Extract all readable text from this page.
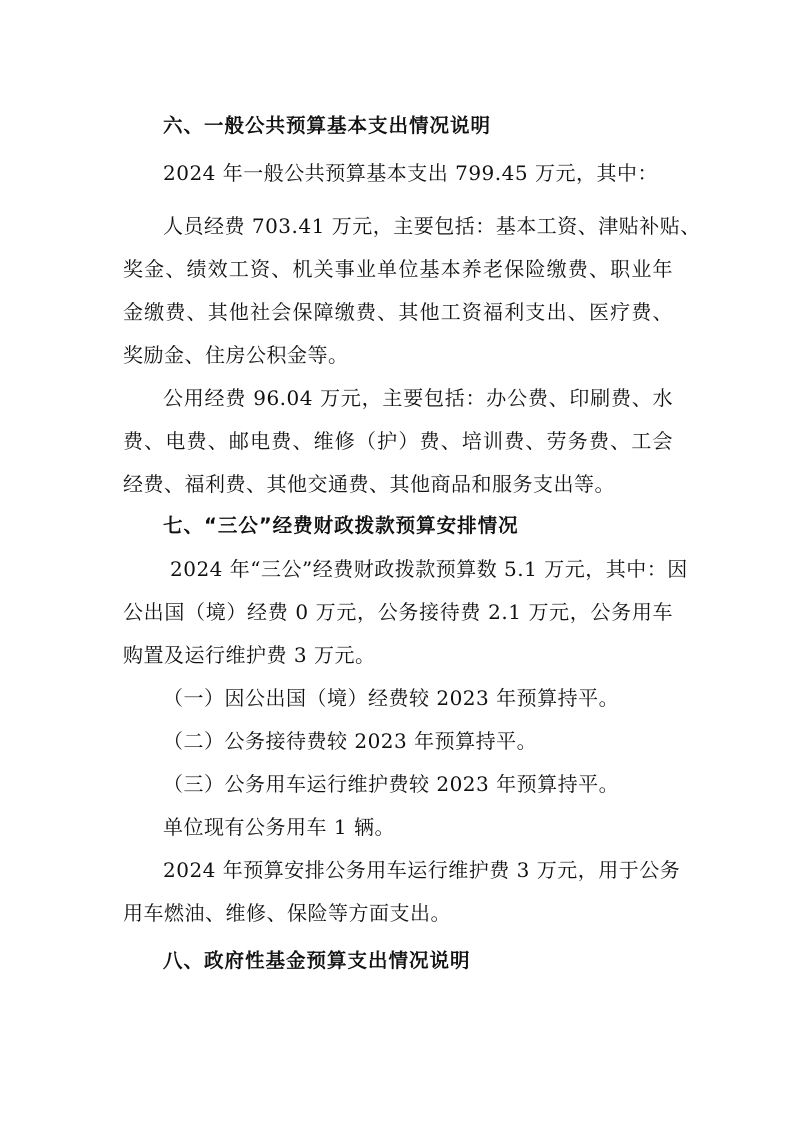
六、一般公共预算基本支出情况说明
2024 年一般公共预算基本支出 799.45 万元，其中：
人员经费 703.41 万元，主要包括：基本工资、津贴补贴、
奖金、绩效工资、机关事业单位基本养老保险缴费、职业年
金缴费、其他社会保障缴费、其他工资福利支出、医疗费、
奖励金、住房公积金等。
公用经费 96.04 万元，主要包括：办公费、印刷费、水
费、电费、邮电费、维修（护）费、培训费、劳务费、工会
经费、福利费、其他交通费、其他商品和服务支出等。
七、“三公”经费财政拨款预算安排情况
2024 年“三公”经费财政拨款预算数 5.1 万元，其中：因
公出国（境）经费 0 万元，公务接待费 2.1 万元，公务用车
购置及运行维护费 3 万元。
（一）因公出国（境）经费较 2023 年预算持平。
（二）公务接待费较 2023 年预算持平。
（三）公务用车运行维护费较 2023 年预算持平。
单位现有公务用车 1 辆。
2024 年预算安排公务用车运行维护费 3 万元，用于公务
用车燃油、维修、保险等方面支出。
八、政府性基金预算支出情况说明
